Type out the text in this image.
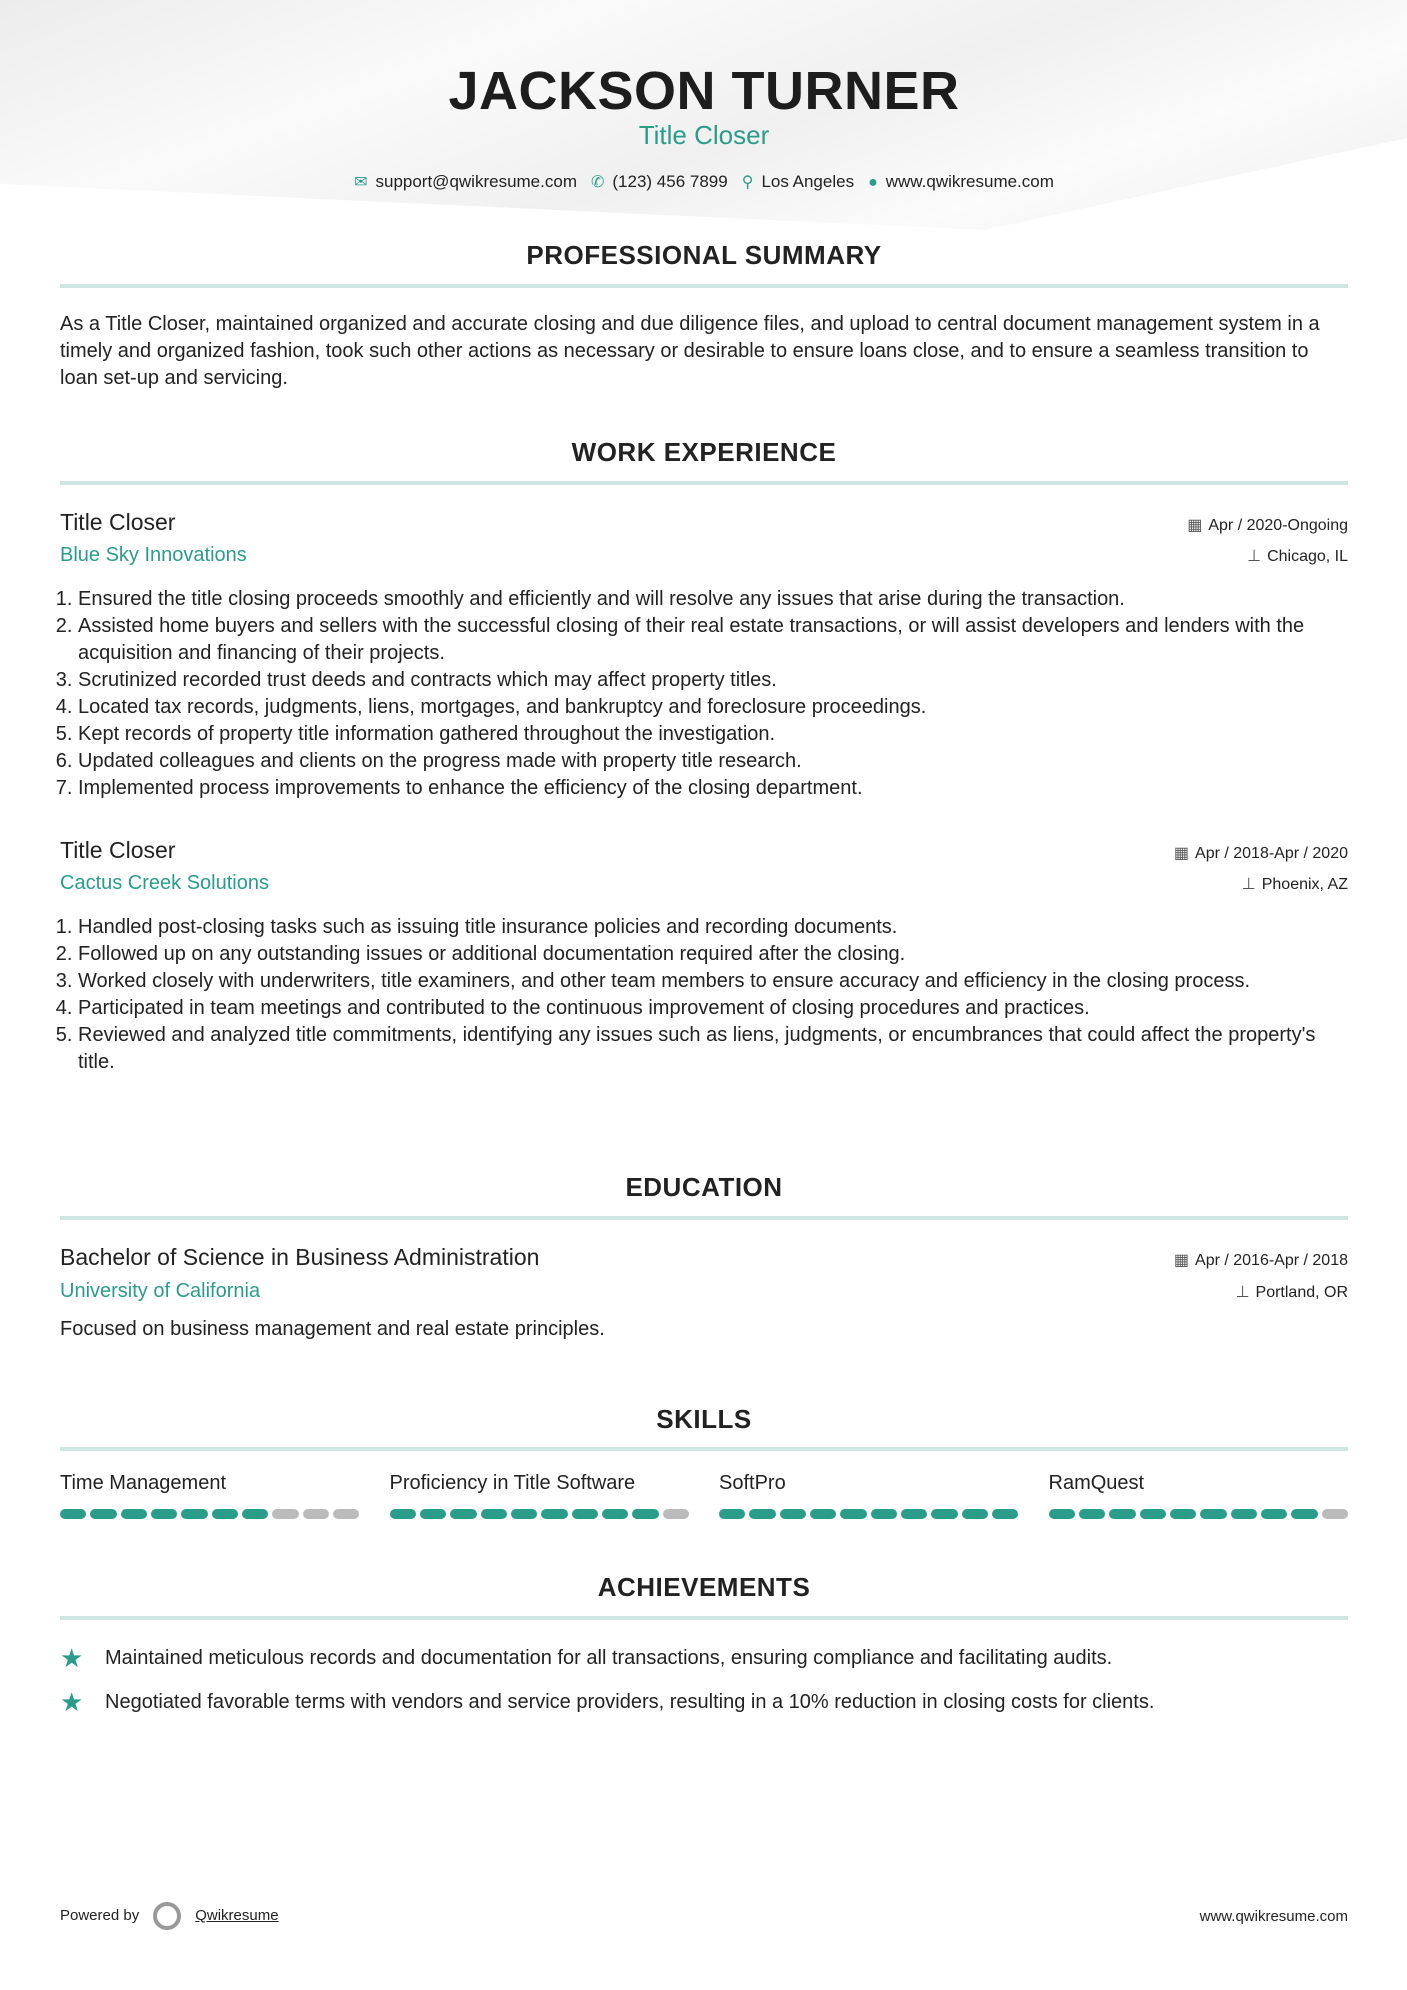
JACKSON TURNER
Title Closer
✉ support@qwikresume.com ✆ (123) 456 7899 ⚲ Los Angeles ● www.qwikresume.com
PROFESSIONAL SUMMARY
As a Title Closer, maintained organized and accurate closing and due diligence files, and upload to central document management system in a timely and organized fashion, took such other actions as necessary or desirable to ensure loans close, and to ensure a seamless transition to loan set-up and servicing.
WORK EXPERIENCE
Title Closer	▦ Apr / 2020-Ongoing
Blue Sky Innovations	⊥ Chicago, IL
1. Ensured the title closing proceeds smoothly and efficiently and will resolve any issues that arise during the transaction.
2. Assisted home buyers and sellers with the successful closing of their real estate transactions, or will assist developers and lenders with the acquisition and financing of their projects.
3. Scrutinized recorded trust deeds and contracts which may affect property titles.
4. Located tax records, judgments, liens, mortgages, and bankruptcy and foreclosure proceedings.
5. Kept records of property title information gathered throughout the investigation.
6. Updated colleagues and clients on the progress made with property title research.
7. Implemented process improvements to enhance the efficiency of the closing department.
Title Closer	▦ Apr / 2018-Apr / 2020
Cactus Creek Solutions	⊥ Phoenix, AZ
1. Handled post-closing tasks such as issuing title insurance policies and recording documents.
2. Followed up on any outstanding issues or additional documentation required after the closing.
3. Worked closely with underwriters, title examiners, and other team members to ensure accuracy and efficiency in the closing process.
4. Participated in team meetings and contributed to the continuous improvement of closing procedures and practices.
5. Reviewed and analyzed title commitments, identifying any issues such as liens, judgments, or encumbrances that could affect the property's title.
EDUCATION
Bachelor of Science in Business Administration	▦ Apr / 2016-Apr / 2018
University of California	⊥ Portland, OR
Focused on business management and real estate principles.
SKILLS
Time Management	Proficiency in Title Software	SoftPro	RamQuest
ACHIEVEMENTS
★	Maintained meticulous records and documentation for all transactions, ensuring compliance and facilitating audits.
★	Negotiated favorable terms with vendors and service providers, resulting in a 10% reduction in closing costs for clients.
Powered by	Qwikresume	www.qwikresume.com
